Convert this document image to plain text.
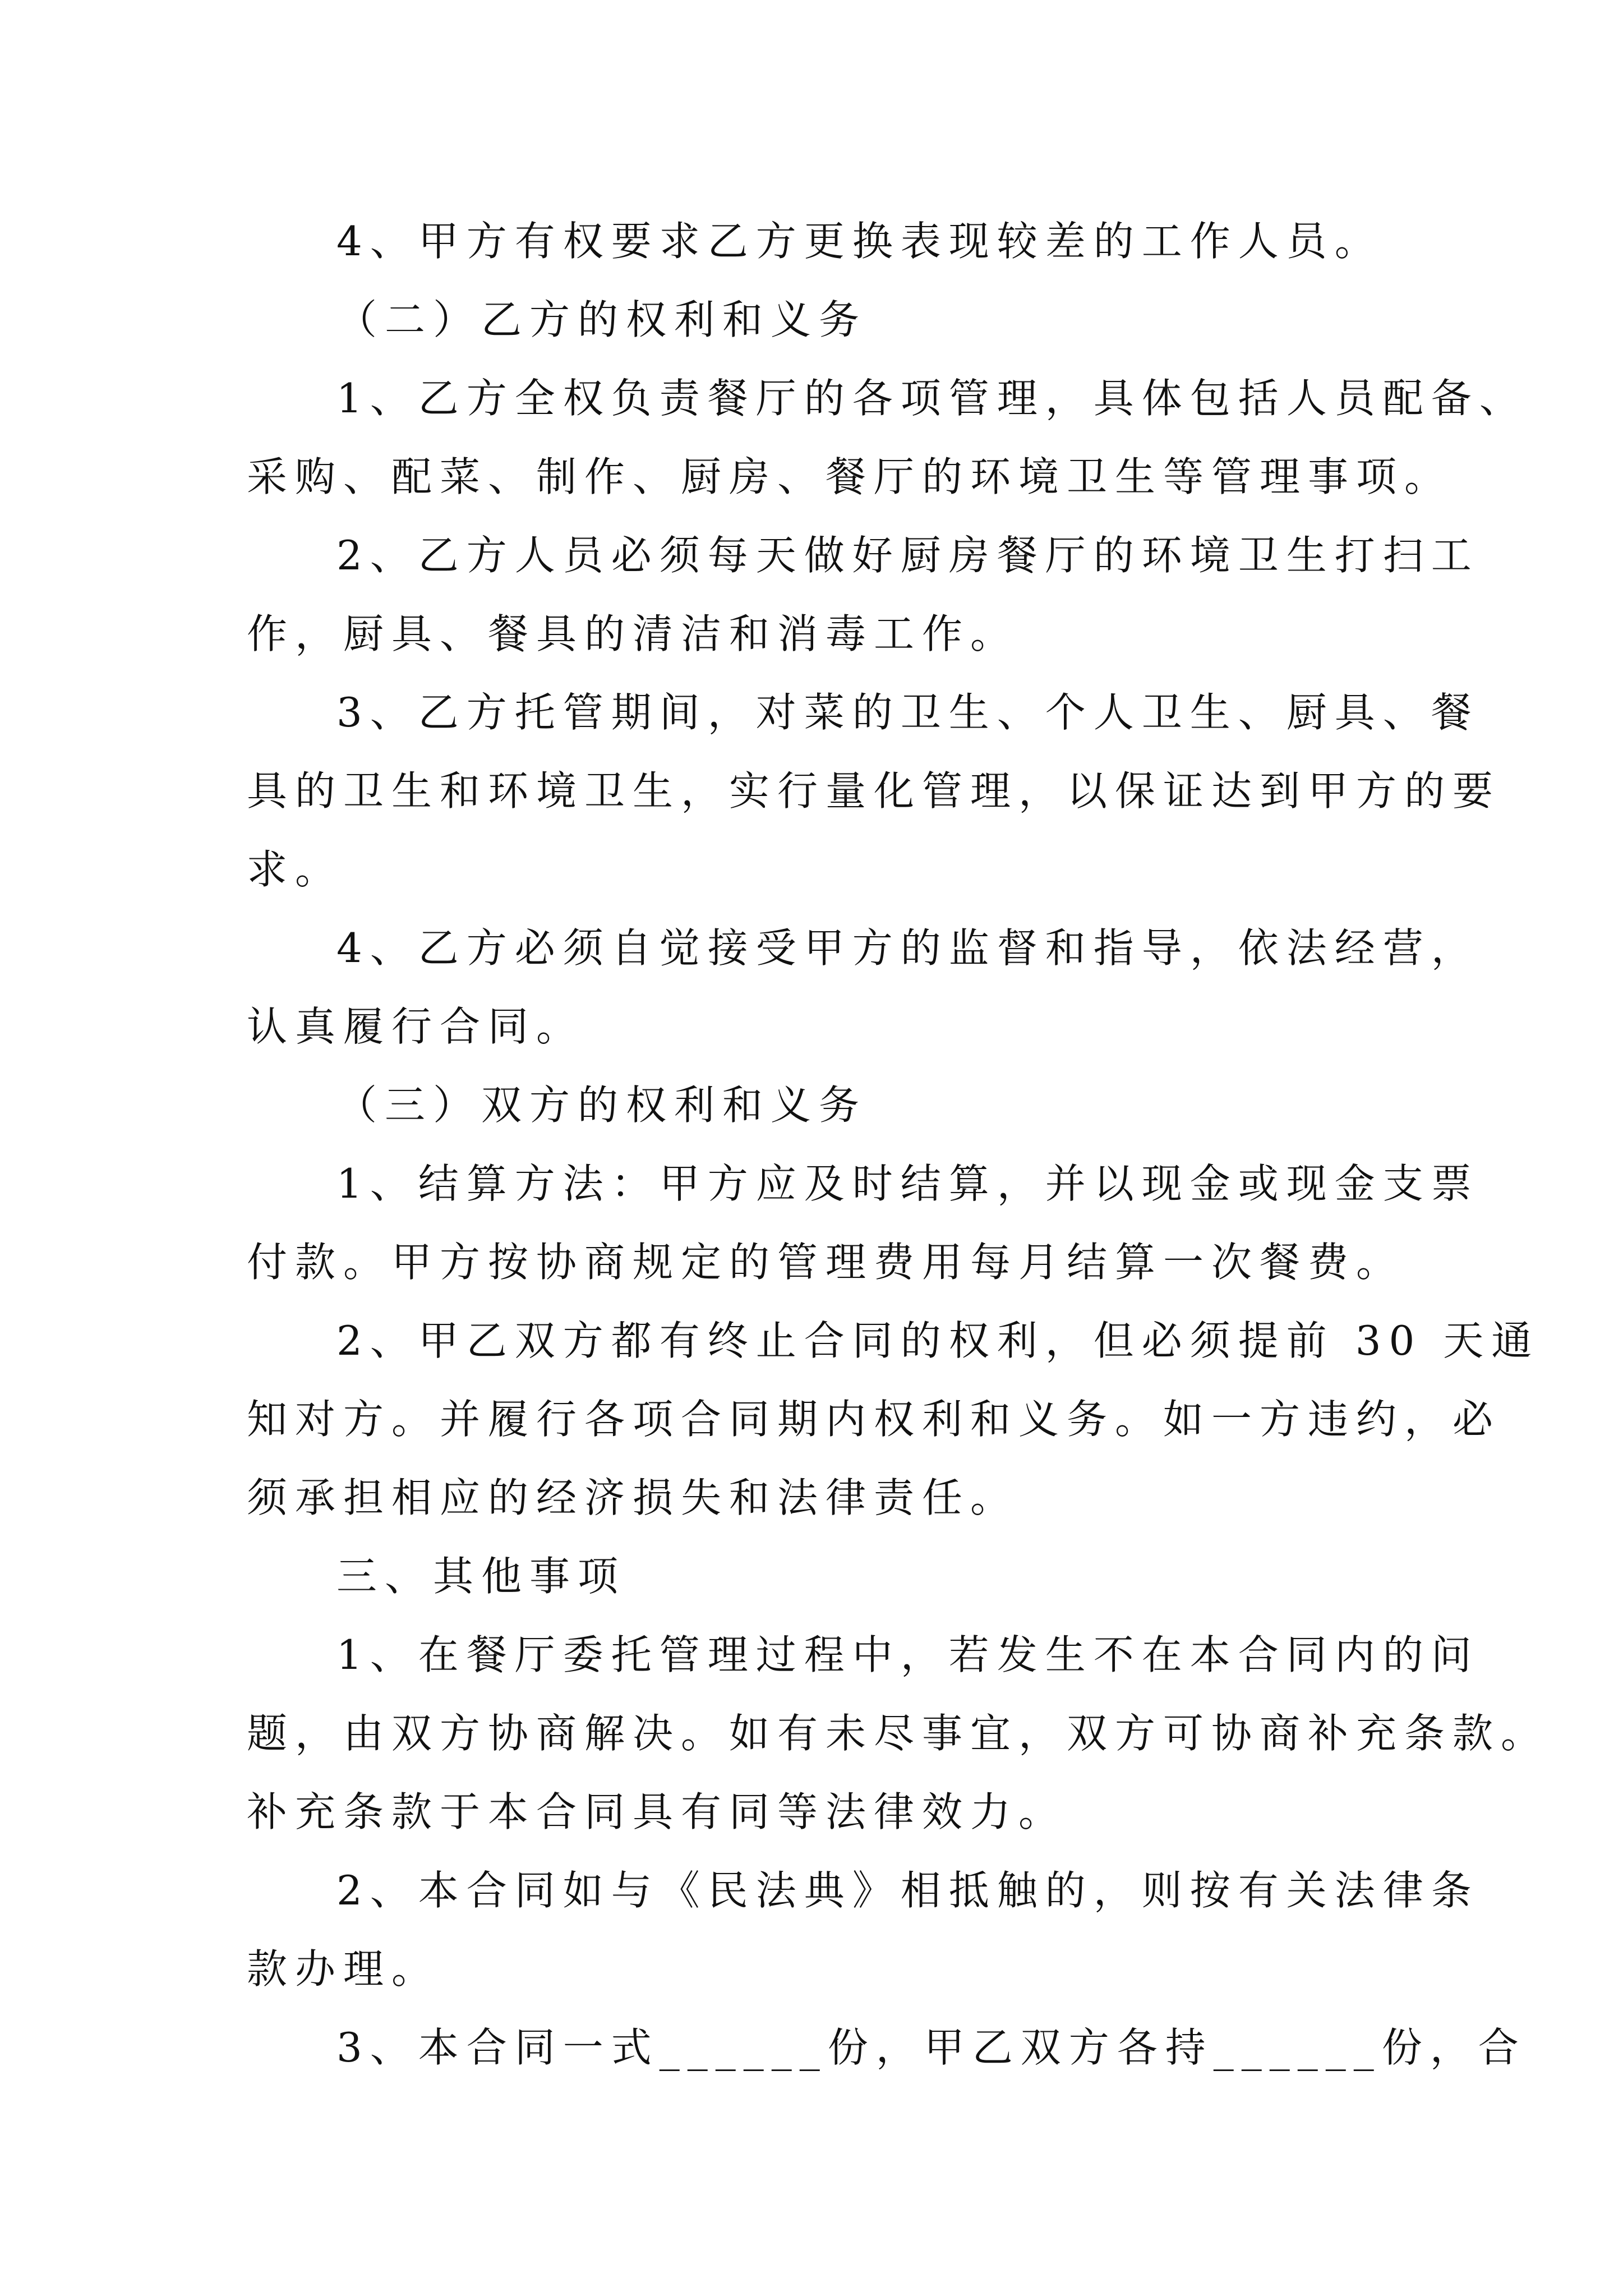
4、甲方有权要求乙方更换表现较差的工作人员。

（二）乙方的权利和义务

1、乙方全权负责餐厅的各项管理，具体包括人员配备、

采购、配菜、制作、厨房、餐厅的环境卫生等管理事项。

2、乙方人员必须每天做好厨房餐厅的环境卫生打扫工

作，厨具、餐具的清洁和消毒工作。

3、乙方托管期间，对菜的卫生、个人卫生、厨具、餐

具的卫生和环境卫生，实行量化管理，以保证达到甲方的要

求。

4、乙方必须自觉接受甲方的监督和指导，依法经营，

认真履行合同。

（三）双方的权利和义务

1、结算方法：甲方应及时结算，并以现金或现金支票

付款。甲方按协商规定的管理费用每月结算一次餐费。

2、甲乙双方都有终止合同的权利，但必须提前 30 天通

知对方。并履行各项合同期内权利和义务。如一方违约，必

须承担相应的经济损失和法律责任。

三、其他事项

1、在餐厅委托管理过程中，若发生不在本合同内的问

题，由双方协商解决。如有未尽事宜，双方可协商补充条款。

补充条款于本合同具有同等法律效力。

2、本合同如与《民法典》相抵触的，则按有关法律条

款办理。

3、本合同一式______份，甲乙双方各持______份，合
